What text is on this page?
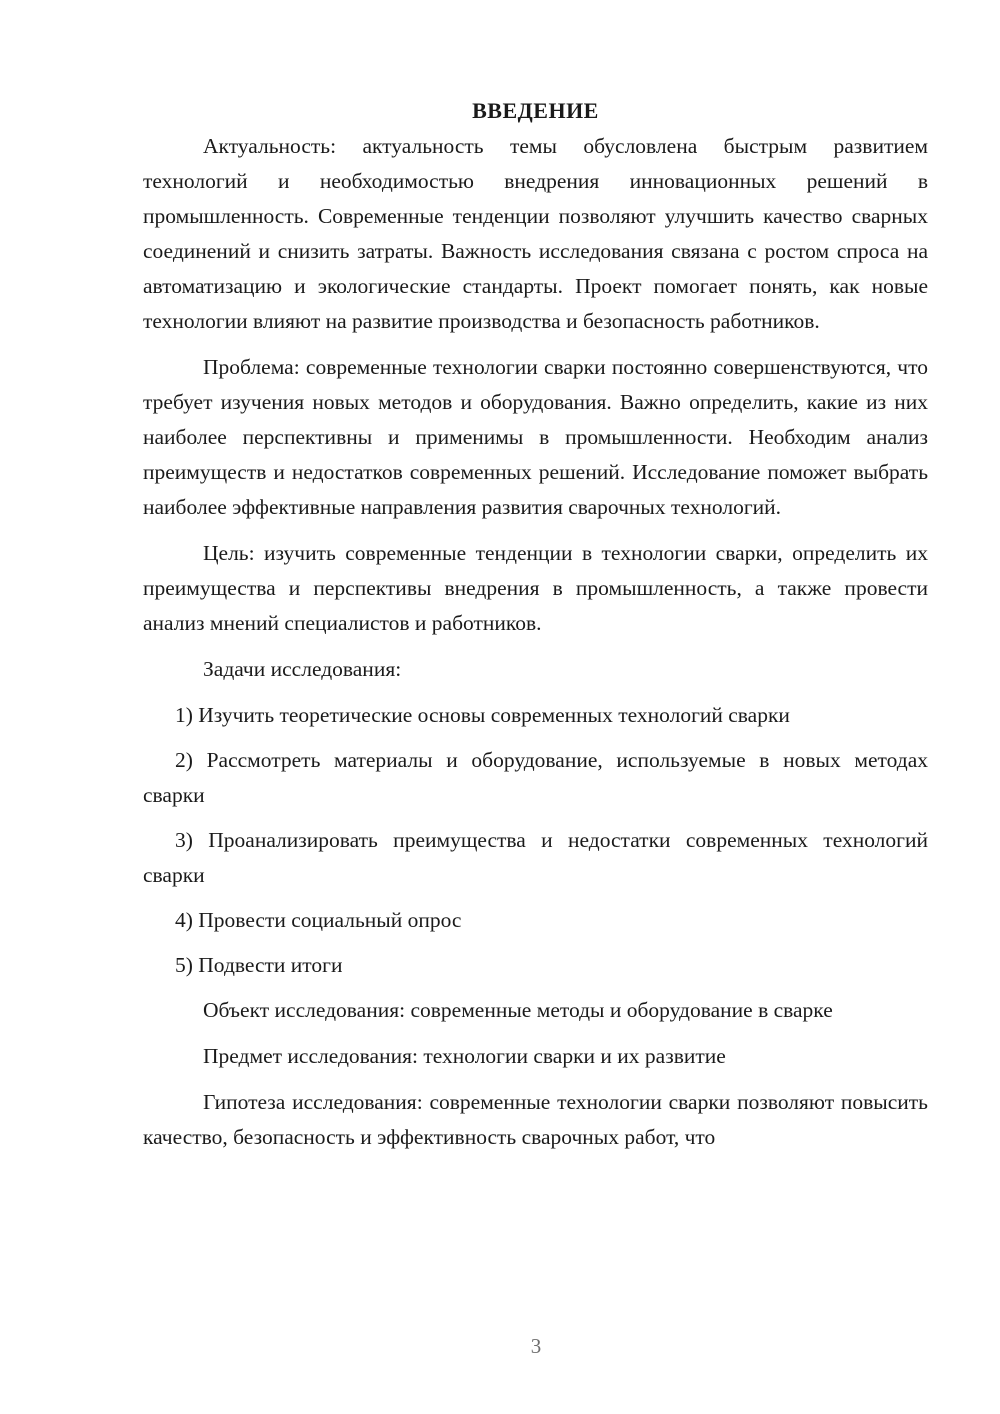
ВВЕДЕНИЕ

Актуальность: актуальность темы обусловлена быстрым развитием технологий и необходимостью внедрения инновационных решений в промышленность. Современные тенденции позволяют улучшить качество сварных соединений и снизить затраты. Важность исследования связана с ростом спроса на автоматизацию и экологические стандарты. Проект помогает понять, как новые технологии влияют на развитие производства и безопасность работников.

Проблема: современные технологии сварки постоянно совершенствуются, что требует изучения новых методов и оборудования. Важно определить, какие из них наиболее перспективны и применимы в промышленности. Необходим анализ преимуществ и недостатков современных решений. Исследование поможет выбрать наиболее эффективные направления развития сварочных технологий.

Цель: изучить современные тенденции в технологии сварки, определить их преимущества и перспективы внедрения в промышленность, а также провести анализ мнений специалистов и работников.

Задачи исследования:

1) Изучить теоретические основы современных технологий сварки

2) Рассмотреть материалы и оборудование, используемые в новых методах сварки

3) Проанализировать преимущества и недостатки современных технологий сварки

4) Провести социальный опрос

5) Подвести итоги

Объект исследования: современные методы и оборудование в сварке

Предмет исследования: технологии сварки и их развитие

Гипотеза исследования: современные технологии сварки позволяют повысить качество, безопасность и эффективность сварочных работ, что

3
